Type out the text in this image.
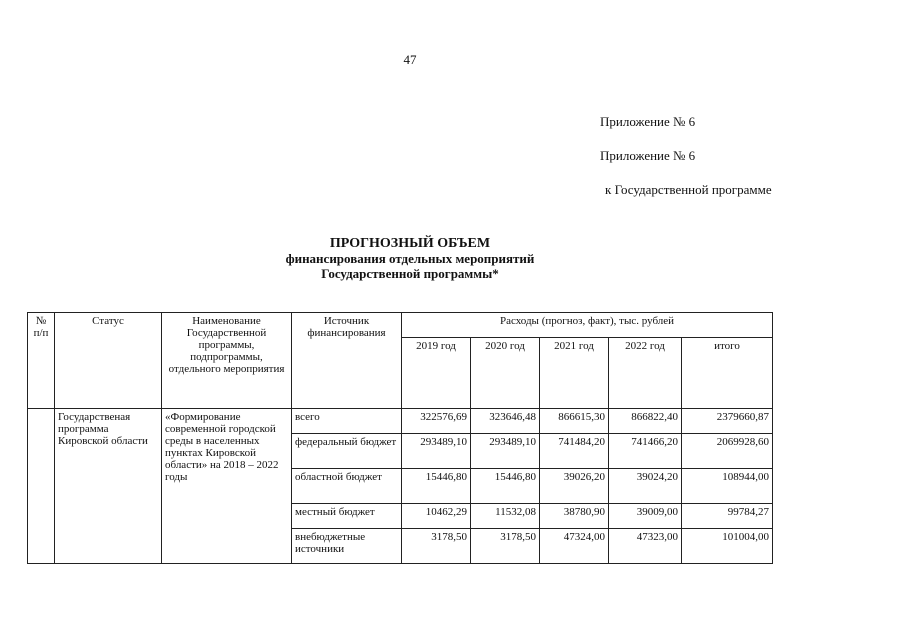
47
Приложение № 6
Приложение № 6
к Государственной программе
ПРОГНОЗНЫЙ ОБЪЕМ
финансирования отдельных мероприятий
Государственной программы*
№ п/п	Статус	Наименование Государственной программы, подпрограммы, отдельного мероприятия	Источник финансирования	Расходы (прогноз, факт), тыс. рублей				
				2019 год	2020 год	2021 год	2022 год	итого
	Государственая программа Кировской области	«Формирование современной городской среды в населенных пунктах Кировской области» на 2018 – 2022 годы	всего	322576,69	323646,48	866615,30	866822,40	2379660,87
			федеральный бюджет	293489,10	293489,10	741484,20	741466,20	2069928,60
			областной бюджет	15446,80	15446,80	39026,20	39024,20	108944,00
			местный бюджет	10462,29	11532,08	38780,90	39009,00	99784,27
			внебюджетные источники	3178,50	3178,50	47324,00	47323,00	101004,00
